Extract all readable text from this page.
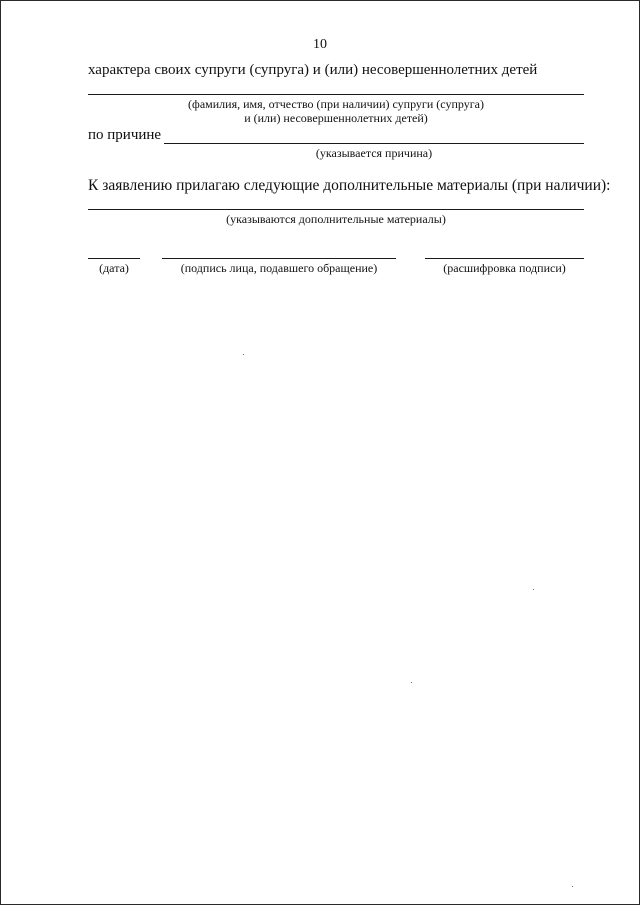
10
характера своих супруги (супруга) и (или) несовершеннолетних детей
(фамилия, имя, отчество (при наличии) супруги (супруга)
и (или) несовершеннолетних детей)
по причине
(указывается причина)
К заявлению прилагаю следующие дополнительные материалы (при наличии):
(указываются дополнительные материалы)
(дата)	(подпись лица, подавшего обращение)	(расшифровка подписи)
